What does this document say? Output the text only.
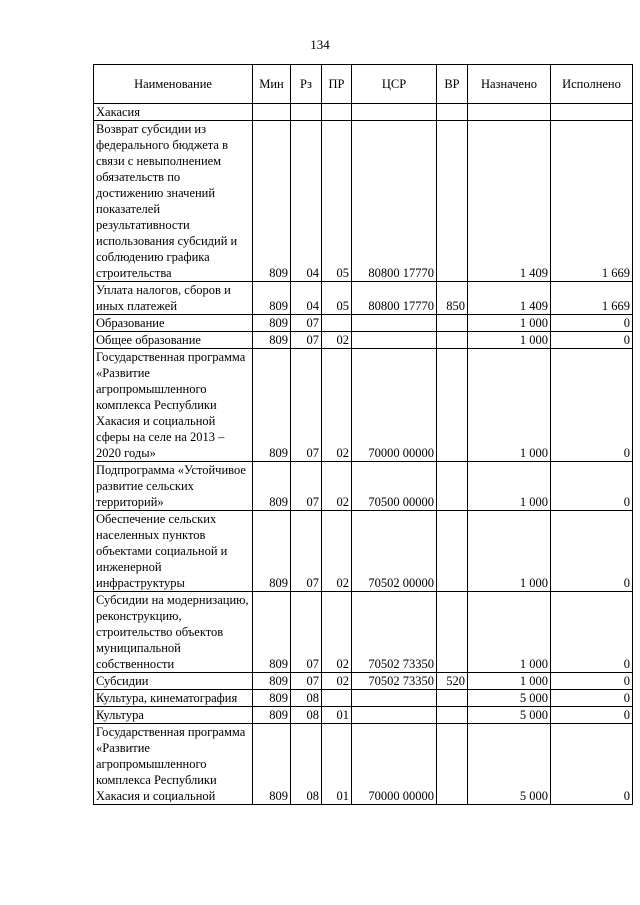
134
Наименование	Мин	Рз	ПР	ЦСР	ВР	Назначено	Исполнено
Хакасия							
Возврат субсидии из федерального бюджета в связи с невыполнением обязательств по достижению значений показателей результативности использования субсидий и соблюдению графика строительства	809	04	05	80800 17770		1 409	1 669
Уплата налогов, сборов и иных платежей	809	04	05	80800 17770	850	1 409	1 669
Образование	809	07				1 000	0
Общее образование	809	07	02			1 000	0
Государственная программа «Развитие агропромышленного комплекса Республики Хакасия и социальной сферы на селе на 2013 – 2020 годы»	809	07	02	70000 00000		1 000	0
Подпрограмма «Устойчивое развитие сельских территорий»	809	07	02	70500 00000		1 000	0
Обеспечение сельских населенных пунктов объектами социальной и инженерной инфраструктуры	809	07	02	70502 00000		1 000	0
Субсидии на модернизацию, реконструкцию, строительство объектов муниципальной собственности	809	07	02	70502 73350		1 000	0
Субсидии	809	07	02	70502 73350	520	1 000	0
Культура, кинематография	809	08				5 000	0
Культура	809	08	01			5 000	0
Государственная программа «Развитие агропромышленного комплекса Республики Хакасия и социальной	809	08	01	70000 00000		5 000	0
